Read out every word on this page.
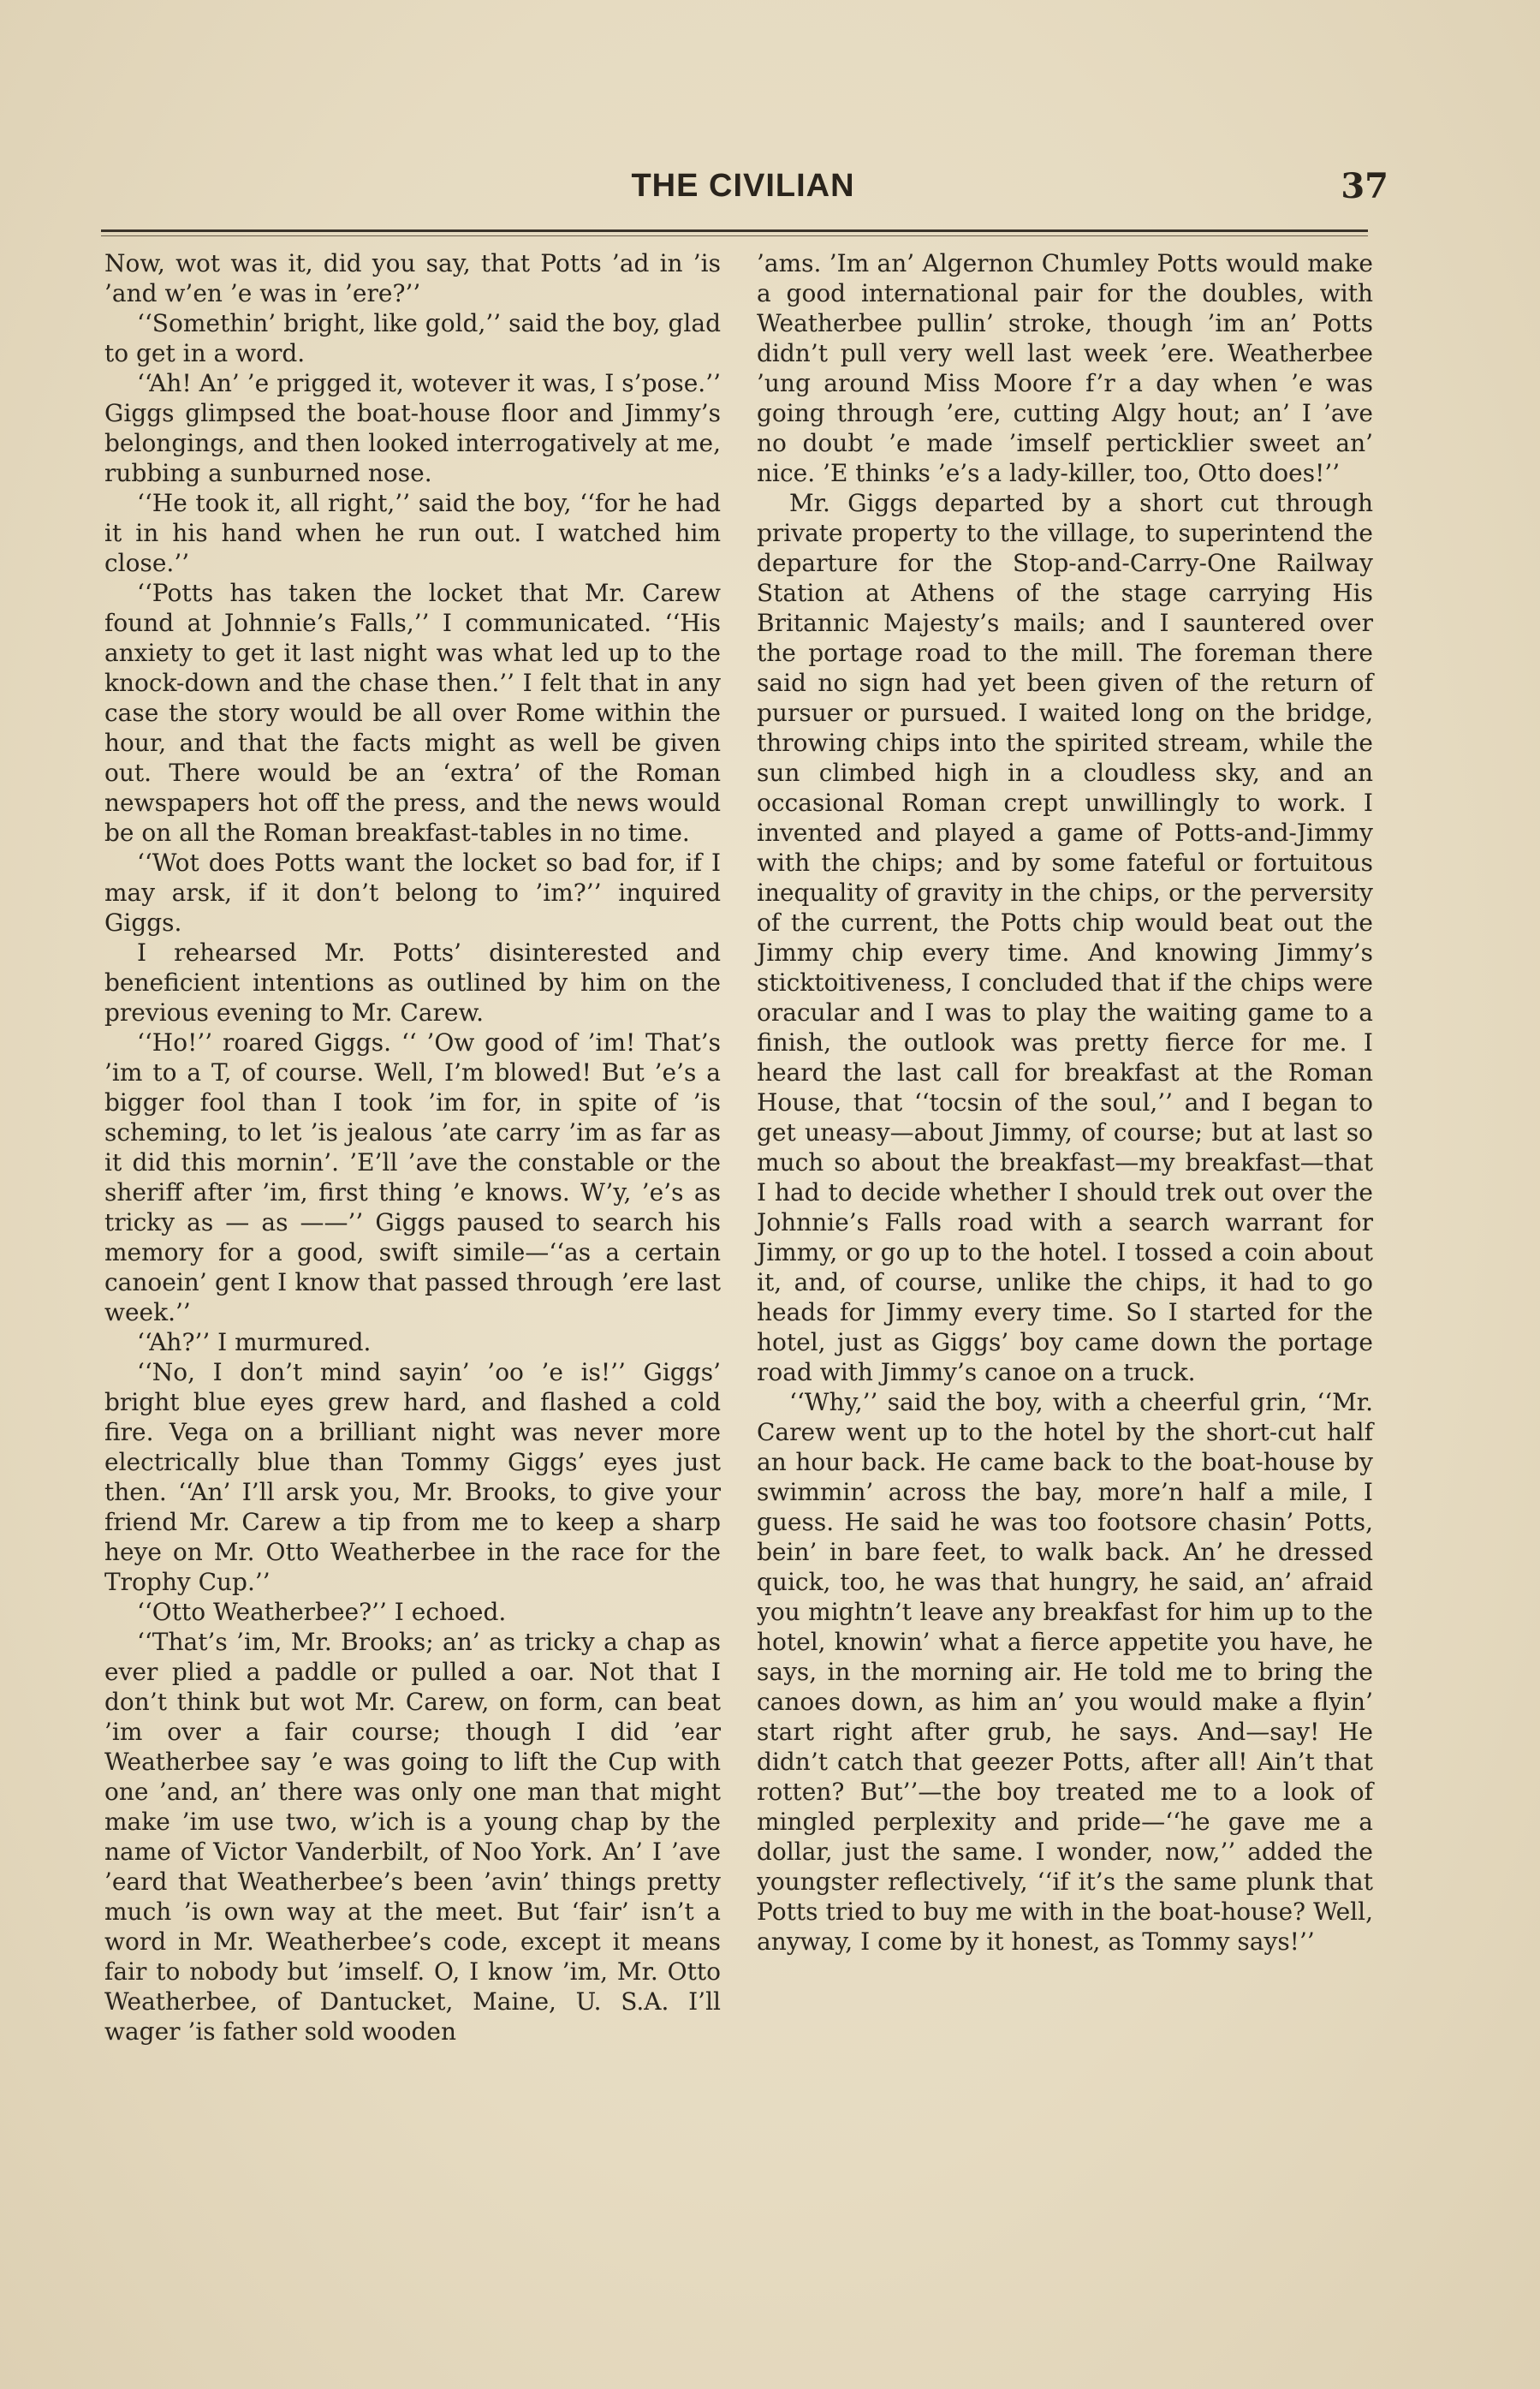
THE CIVILIAN	37

Now, wot was it, did you say, that Potts ’ad in ’is ’and w’en ’e was in ’ere?’’

‘‘Somethin’ bright, like gold,’’ said the boy, glad to get in a word.

‘‘Ah! An’ ’e prigged it, wotever it was, I s’pose.’’ Giggs glimpsed the boat-house floor and Jimmy’s belongings, and then looked interrogatively at me, rubbing a sunburned nose.

‘‘He took it, all right,’’ said the boy, ‘‘for he had it in his hand when he run out. I watched him close.’’

‘‘Potts has taken the locket that Mr. Carew found at Johnnie’s Falls,’’ I communicated. ‘‘His anxiety to get it last night was what led up to the knock-down and the chase then.’’ I felt that in any case the story would be all over Rome within the hour, and that the facts might as well be given out. There would be an ‘extra’ of the Roman newspapers hot off the press, and the news would be on all the Roman breakfast-tables in no time.

‘‘Wot does Potts want the locket so bad for, if I may arsk, if it don’t belong to ’im?’’ inquired Giggs.

I rehearsed Mr. Potts’ disinterested and beneficient intentions as outlined by him on the previous evening to Mr. Carew.

‘‘Ho!’’ roared Giggs. ‘‘ ’Ow good of ’im! That’s ’im to a T, of course. Well, I’m blowed! But ’e’s a bigger fool than I took ’im for, in spite of ’is scheming, to let ’is jealous ’ate carry ’im as far as it did this mornin’. ’E’ll ’ave the constable or the sheriff after ’im, first thing ’e knows. W’y, ’e’s as tricky as — as ——’’ Giggs paused to search his memory for a good, swift simile—‘‘as a certain canoein’ gent I know that passed through ’ere last week.’’

‘‘Ah?’’ I murmured.

‘‘No, I don’t mind sayin’ ’oo ’e is!’’ Giggs’ bright blue eyes grew hard, and flashed a cold fire. Vega on a brilliant night was never more electrically blue than Tommy Giggs’ eyes just then. ‘‘An’ I’ll arsk you, Mr. Brooks, to give your friend Mr. Carew a tip from me to keep a sharp heye on Mr. Otto Weatherbee in the race for the Trophy Cup.’’

‘‘Otto Weatherbee?’’ I echoed.

‘‘That’s ’im, Mr. Brooks; an’ as tricky a chap as ever plied a paddle or pulled a oar. Not that I don’t think but wot Mr. Carew, on form, can beat ’im over a fair course; though I did ’ear Weatherbee say ’e was going to lift the Cup with one ’and, an’ there was only one man that might make ’im use two, w’ich is a young chap by the name of Victor Vanderbilt, of Noo York. An’ I ’ave ’eard that Weatherbee’s been ’avin’ things pretty much ’is own way at the meet. But ‘fair’ isn’t a word in Mr. Weatherbee’s code, except it means fair to nobody but ’imself. O, I know ’im, Mr. Otto Weatherbee, of Dantucket, Maine, U. S.A. I’ll wager ’is father sold wooden

’ams. ’Im an’ Algernon Chumley Potts would make a good international pair for the doubles, with Weatherbee pullin’ stroke, though ’im an’ Potts didn’t pull very well last week ’ere. Weatherbee ’ung around Miss Moore f’r a day when ’e was going through ’ere, cutting Algy hout; an’ I ’ave no doubt ’e made ’imself perticklier sweet an’ nice. ’E thinks ’e’s a lady-killer, too, Otto does!’’

Mr. Giggs departed by a short cut through private property to the village, to superintend the departure for the Stop-and-Carry-One Railway Station at Athens of the stage carrying His Britannic Majesty’s mails; and I sauntered over the portage road to the mill. The foreman there said no sign had yet been given of the return of pursuer or pursued. I waited long on the bridge, throwing chips into the spirited stream, while the sun climbed high in a cloudless sky, and an occasional Roman crept unwillingly to work. I invented and played a game of Potts-and-Jimmy with the chips; and by some fateful or fortuitous inequality of gravity in the chips, or the perversity of the current, the Potts chip would beat out the Jimmy chip every time. And knowing Jimmy’s sticktoitiveness, I concluded that if the chips were oracular and I was to play the waiting game to a finish, the outlook was pretty fierce for me. I heard the last call for breakfast at the Roman House, that ‘‘tocsin of the soul,’’ and I began to get uneasy—about Jimmy, of course; but at last so much so about the breakfast—my breakfast—that I had to decide whether I should trek out over the Johnnie’s Falls road with a search warrant for Jimmy, or go up to the hotel. I tossed a coin about it, and, of course, unlike the chips, it had to go heads for Jimmy every time. So I started for the hotel, just as Giggs’ boy came down the portage road with Jimmy’s canoe on a truck.

‘‘Why,’’ said the boy, with a cheerful grin, ‘‘Mr. Carew went up to the hotel by the short-cut half an hour back. He came back to the boat-house by swimmin’ across the bay, more’n half a mile, I guess. He said he was too footsore chasin’ Potts, bein’ in bare feet, to walk back. An’ he dressed quick, too, he was that hungry, he said, an’ afraid you mightn’t leave any breakfast for him up to the hotel, knowin’ what a fierce appetite you have, he says, in the morning air. He told me to bring the canoes down, as him an’ you would make a flyin’ start right after grub, he says. And—say! He didn’t catch that geezer Potts, after all! Ain’t that rotten? But’’—the boy treated me to a look of mingled perplexity and pride—‘‘he gave me a dollar, just the same. I wonder, now,’’ added the youngster reflectively, ‘‘if it’s the same plunk that Potts tried to buy me with in the boat-house? Well, anyway, I come by it honest, as Tommy says!’’
